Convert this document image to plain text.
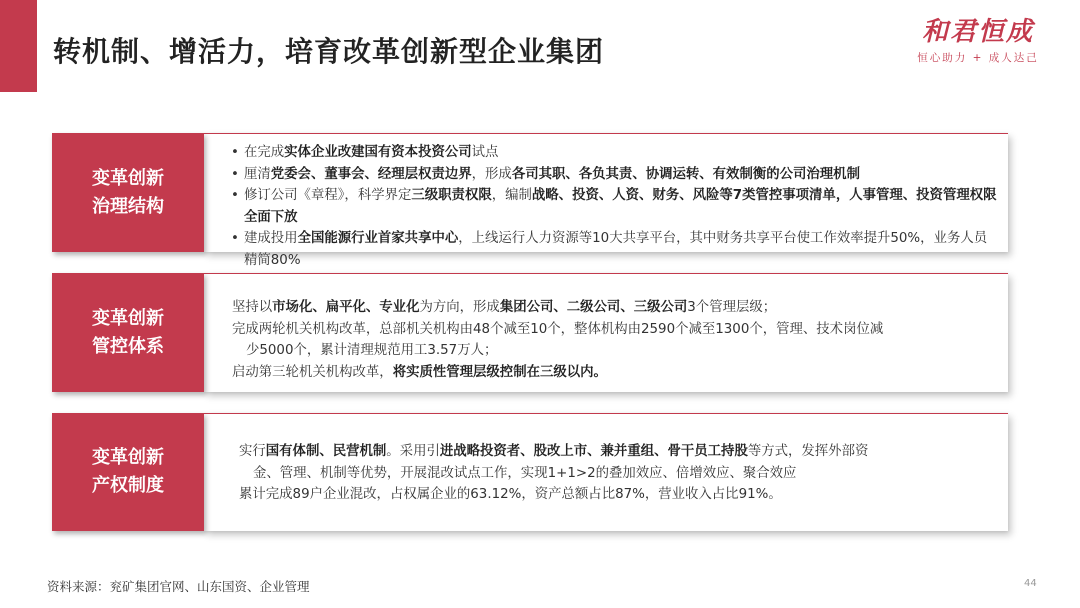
转机制、增活力，培育改革创新型企业集团
和君恒成
恒心助力 + 成人达己
变革创新
治理结构
• 在完成实体企业改建国有资本投资公司试点
• 厘清党委会、董事会、经理层权责边界，形成各司其职、各负其责、协调运转、有效制衡的公司治理机制
• 修订公司《章程》，科学界定三级职责权限，编制战略、投资、人资、财务、风险等7类管控事项清单，人事管理、投资管理权限全面下放
• 建成投用全国能源行业首家共享中心，上线运行人力资源等10大共享平台，其中财务共享平台使工作效率提升50%，业务人员精简80%
变革创新
管控体系
坚持以市场化、扁平化、专业化为方向，形成集团公司、二级公司、三级公司3个管理层级；
完成两轮机关机构改革，总部机关机构由48个减至10个，整体机构由2590个减至1300个，管理、技术岗位减
少5000个，累计清理规范用工3.57万人；
启动第三轮机关机构改革，将实质性管理层级控制在三级以内。
变革创新
产权制度
实行国有体制、民营机制。采用引进战略投资者、股改上市、兼并重组、骨干员工持股等方式，发挥外部资
金、管理、机制等优势，开展混改试点工作，实现1+1>2的叠加效应、倍增效应、聚合效应
累计完成89户企业混改，占权属企业的63.12%，资产总额占比87%，营业收入占比91%。
资料来源：兖矿集团官网、山东国资、企业管理	44
